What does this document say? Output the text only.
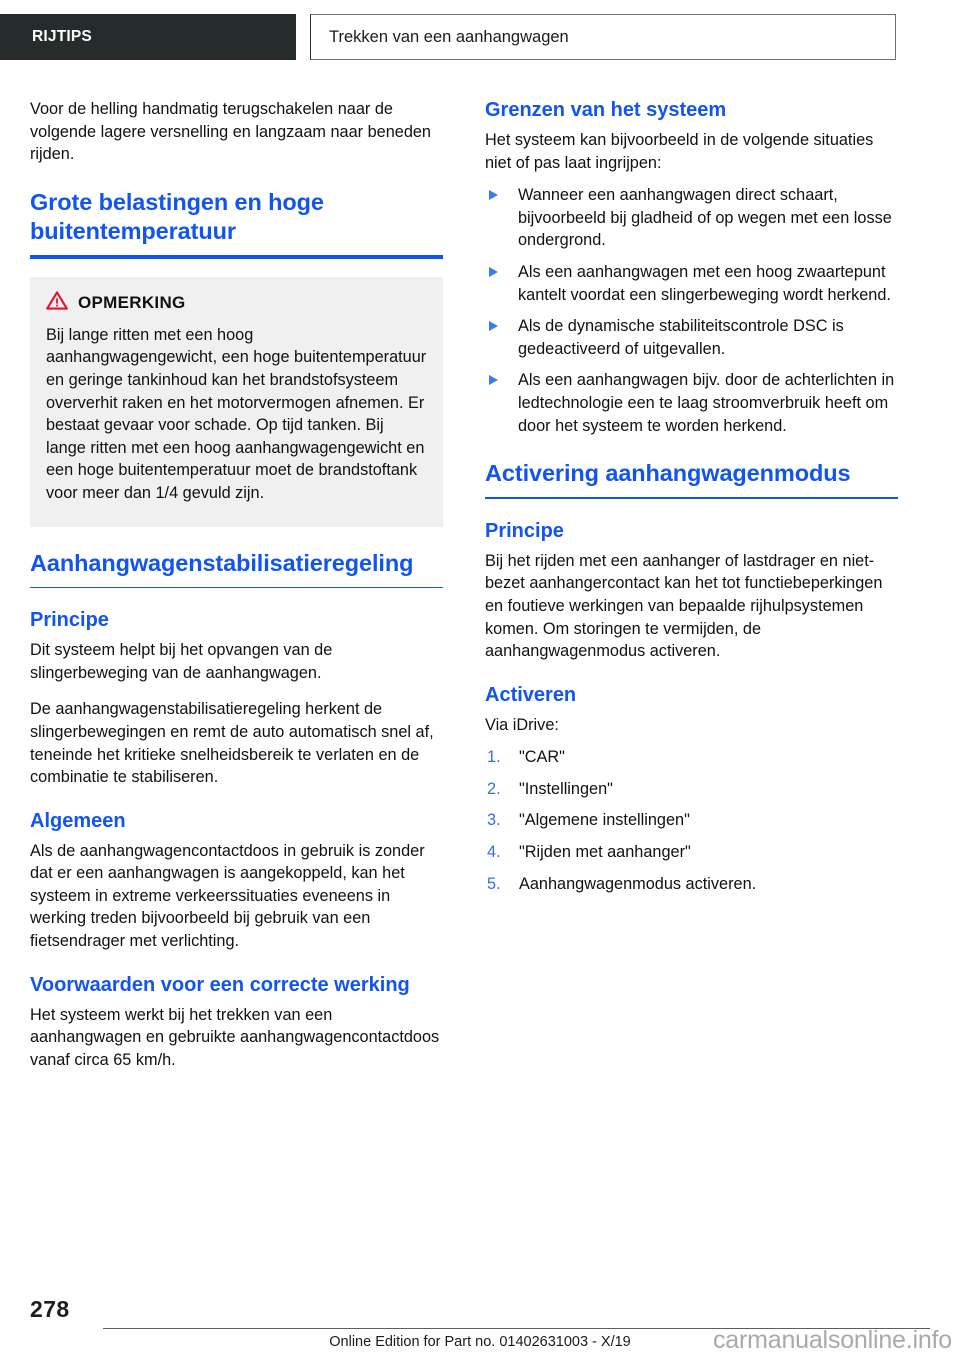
RIJTIPS	Trekken van een aanhangwagen

Voor de helling handmatig terugschakelen naar de volgende lagere versnelling en langzaam naar beneden rijden.

Grote belastingen en hoge buitentemperatuur
OPMERKING

Bij lange ritten met een hoog aanhangwagengewicht, een hoge buitentemperatuur en geringe tankinhoud kan het brandstofsysteem oververhit raken en het motorvermogen afnemen. Er bestaat gevaar voor schade. Op tijd tanken. Bij lange ritten met een hoog aanhangwagengewicht en een hoge buitentemperatuur moet de brandstoftank voor meer dan 1/4 gevuld zijn.

Aanhangwagenstabilisatierege​ling
Principe

Dit systeem helpt bij het opvangen van de slingerbeweging van de aanhangwagen.

De aanhangwagenstabilisatieregeling herkent de slingerbewegingen en remt de auto automatisch snel af, teneinde het kritieke snelheidsbereik te verlaten en de combinatie te stabiliseren.

Algemeen

Als de aanhangwagencontactdoos in gebruik is zonder dat er een aanhangwagen is aangekoppeld, kan het systeem in extreme verkeerssituaties eveneens in werking treden bijvoorbeeld bij gebruik van een fietsendrager met verlichting.

Voorwaarden voor een correcte werking

Het systeem werkt bij het trekken van een aanhangwagen en gebruikte aanhangwagencontactdoos vanaf circa 65 km/h.

Grenzen van het systeem

Het systeem kan bijvoorbeeld in de volgende situaties niet of pas laat ingrijpen:

Wanneer een aanhangwagen direct schaart, bijvoorbeeld bij gladheid of op wegen met een losse ondergrond.
Als een aanhangwagen met een hoog zwaartepunt kantelt voordat een slingerbeweging wordt herkend.
Als de dynamische stabiliteitscontrole DSC is gedeactiveerd of uitgevallen.
Als een aanhangwagen bijv. door de achterlichten in ledtechnologie een te laag stroomverbruik heeft om door het systeem te worden herkend.
Activering aanhangwagenmodus
Principe

Bij het rijden met een aanhanger of lastdrager en niet-bezet aanhangercontact kan het tot functiebeperkingen en foutieve werkingen van bepaalde rijhulpsystemen komen. Om storingen te vermijden, de aanhangwagenmodus activeren.

Activeren

Via iDrive:

"CAR"
"Instellingen"
"Algemene instellingen"
"Rijden met aanhanger"
Aanhangwagenmodus activeren.
278
Online Edition for Part no. 01402631003 - X/19	carmanualsonline.info
